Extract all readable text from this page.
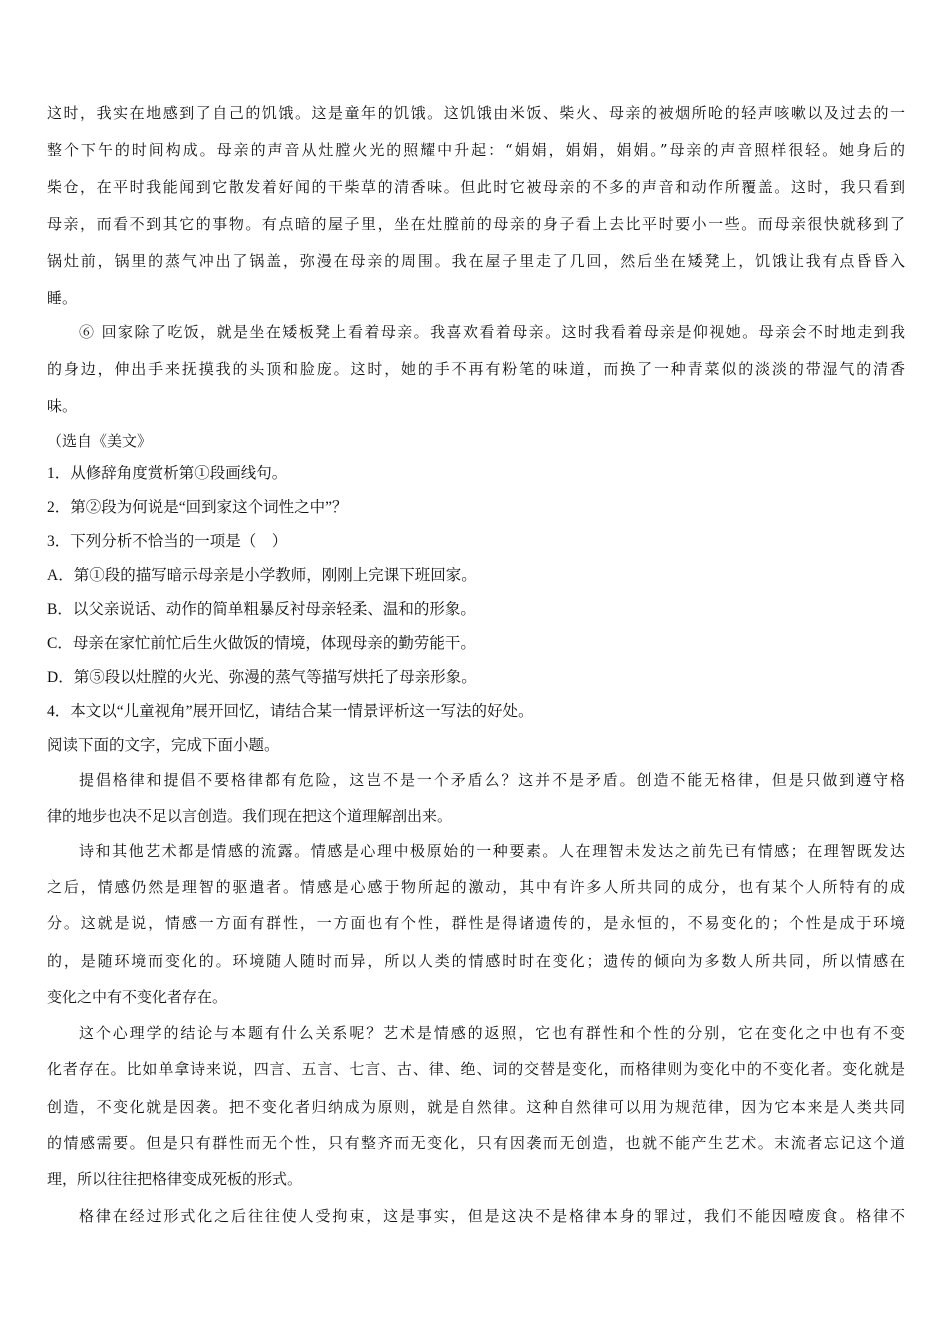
这时，我实在地感到了自己的饥饿。这是童年的饥饿。这饥饿由米饭、柴火、母亲的被烟所呛的轻声咳嗽以及过去的一
整个下午的时间构成。母亲的声音从灶膛火光的照耀中升起：“娟娟，娟娟，娟娟。”母亲的声音照样很轻。她身后的
柴仓，在平时我能闻到它散发着好闻的干柴草的清香味。但此时它被母亲的不多的声音和动作所覆盖。这时，我只看到
母亲，而看不到其它的事物。有点暗的屋子里，坐在灶膛前的母亲的身子看上去比平时要小一些。而母亲很快就移到了
锅灶前，锅里的蒸气冲出了锅盖，弥漫在母亲的周围。我在屋子里走了几回，然后坐在矮凳上，饥饿让我有点昏昏入
睡。
⑥ 回家除了吃饭，就是坐在矮板凳上看着母亲。我喜欢看着母亲。这时我看着母亲是仰视她。母亲会不时地走到我
的身边，伸出手来抚摸我的头顶和脸庞。这时，她的手不再有粉笔的味道，而换了一种青菜似的淡淡的带湿气的清香
味。
（选自《美文》
1．从修辞角度赏析第①段画线句。
2．第②段为何说是“回到家这个词性之中”？
3．下列分析不恰当的一项是（　）
A．第①段的描写暗示母亲是小学教师，刚刚上完课下班回家。
B．以父亲说话、动作的简单粗暴反衬母亲轻柔、温和的形象。
C．母亲在家忙前忙后生火做饭的情境，体现母亲的勤劳能干。
D．第⑤段以灶膛的火光、弥漫的蒸气等描写烘托了母亲形象。
4．本文以“儿童视角”展开回忆，请结合某一情景评析这一写法的好处。
阅读下面的文字，完成下面小题。
提倡格律和提倡不要格律都有危险，这岂不是一个矛盾么？这并不是矛盾。创造不能无格律，但是只做到遵守格
律的地步也决不足以言创造。我们现在把这个道理解剖出来。
诗和其他艺术都是情感的流露。情感是心理中极原始的一种要素。人在理智未发达之前先已有情感；在理智既发达
之后，情感仍然是理智的驱遣者。情感是心感于物所起的激动，其中有许多人所共同的成分，也有某个人所特有的成
分。这就是说，情感一方面有群性，一方面也有个性，群性是得诸遗传的，是永恒的，不易变化的；个性是成于环境
的，是随环境而变化的。环境随人随时而异，所以人类的情感时时在变化；遗传的倾向为多数人所共同，所以情感在
变化之中有不变化者存在。
这个心理学的结论与本题有什么关系呢？艺术是情感的返照，它也有群性和个性的分别，它在变化之中也有不变
化者存在。比如单拿诗来说，四言、五言、七言、古、律、绝、词的交替是变化，而格律则为变化中的不变化者。变化就是
创造，不变化就是因袭。把不变化者归纳成为原则，就是自然律。这种自然律可以用为规范律，因为它本来是人类共同
的情感需要。但是只有群性而无个性，只有整齐而无变化，只有因袭而无创造，也就不能产生艺术。末流者忘记这个道
理，所以往往把格律变成死板的形式。
格律在经过形式化之后往往使人受拘束，这是事实，但是这决不是格律本身的罪过，我们不能因噎废食。格律不
